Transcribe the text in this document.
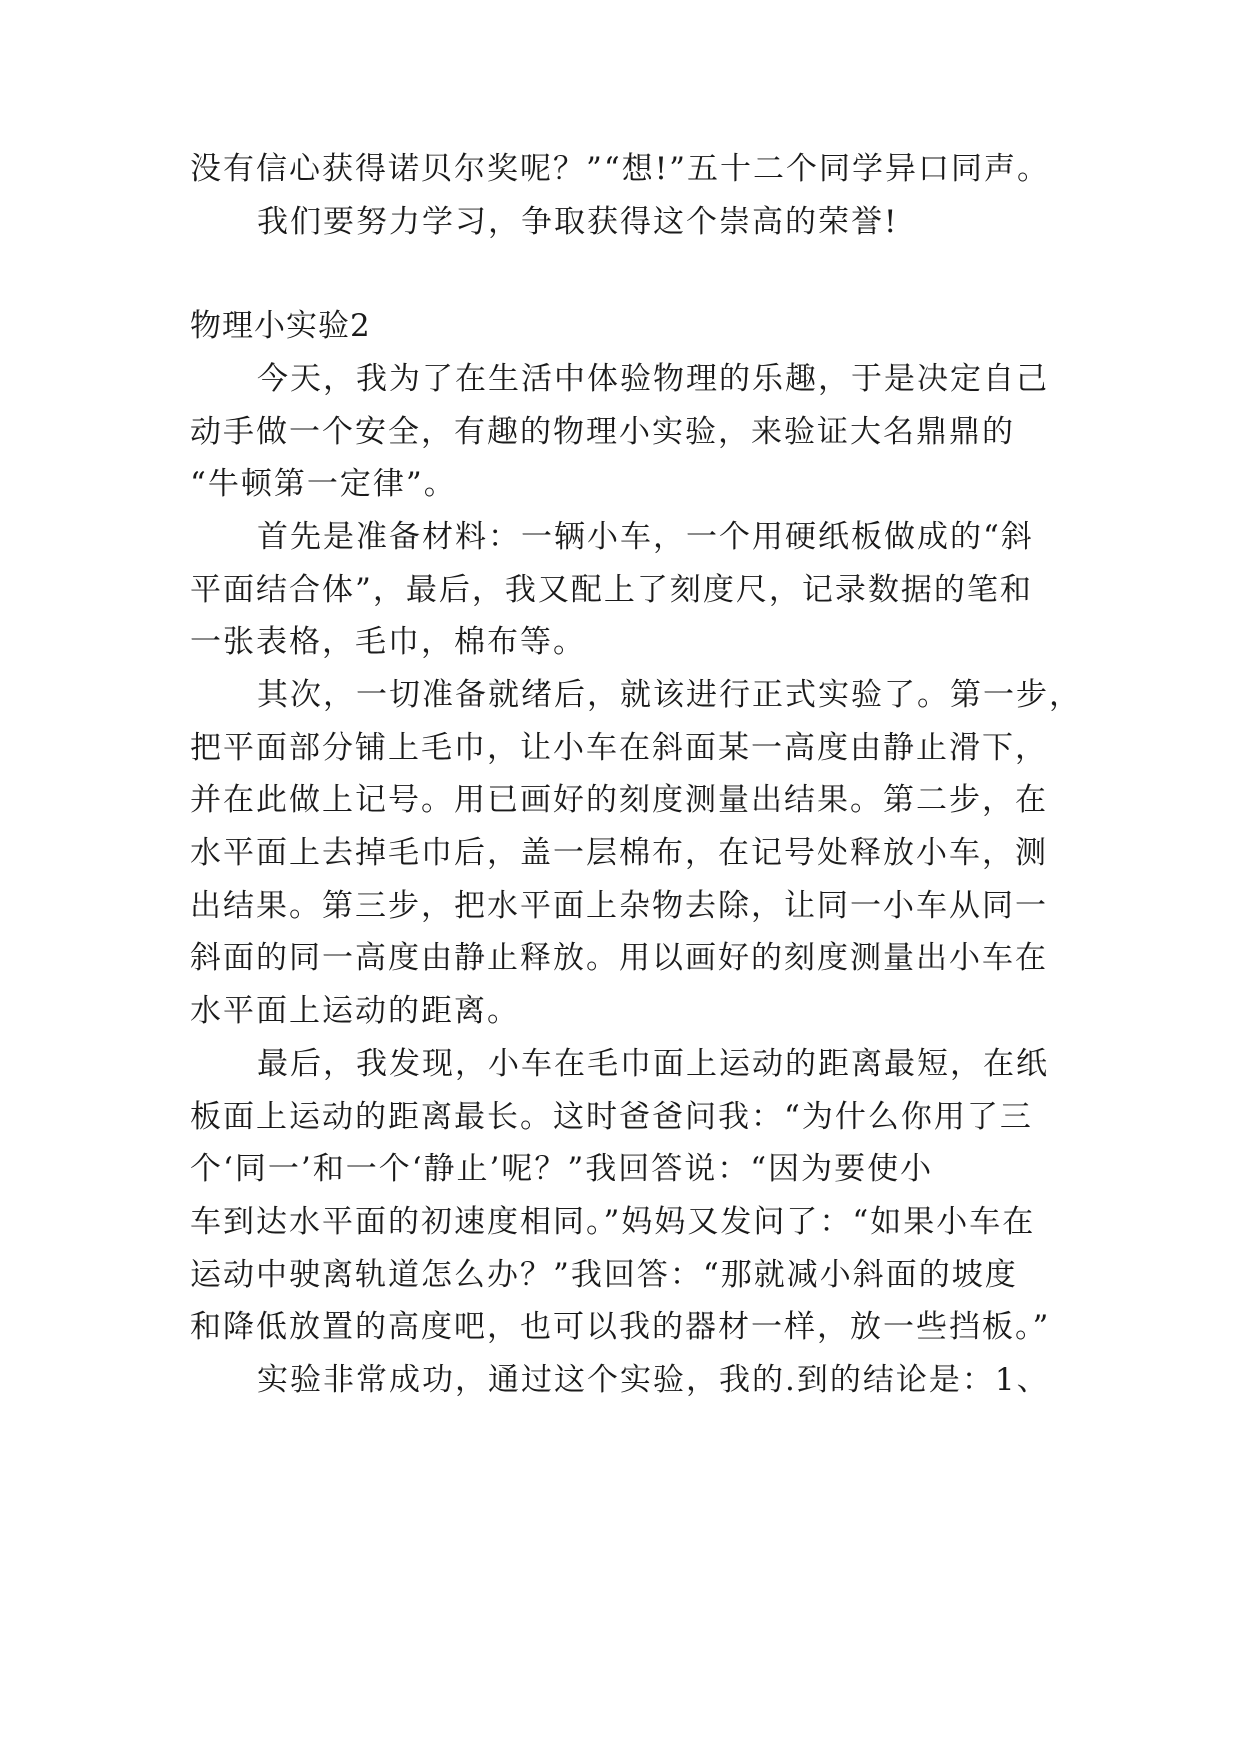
没有信心获得诺贝尔奖呢？”“想!”五十二个同学异口同声。
我们要努力学习，争取获得这个崇高的荣誉!
物理小实验2
今天，我为了在生活中体验物理的乐趣，于是决定自己
动手做一个安全，有趣的物理小实验，来验证大名鼎鼎的
“牛顿第一定律”。
首先是准备材料：一辆小车，一个用硬纸板做成的“斜
平面结合体”，最后，我又配上了刻度尺，记录数据的笔和
一张表格，毛巾，棉布等。
其次，一切准备就绪后，就该进行正式实验了。第一步，
把平面部分铺上毛巾，让小车在斜面某一高度由静止滑下，
并在此做上记号。用已画好的刻度测量出结果。第二步，在
水平面上去掉毛巾后，盖一层棉布，在记号处释放小车，测
出结果。第三步，把水平面上杂物去除，让同一小车从同一
斜面的同一高度由静止释放。用以画好的刻度测量出小车在
水平面上运动的距离。
最后，我发现，小车在毛巾面上运动的距离最短，在纸
板面上运动的距离最长。这时爸爸问我：“为什么你用了三
个‘同一’和一个‘静止’呢？”我回答说：“因为要使小
车到达水平面的初速度相同。”妈妈又发问了：“如果小车在
运动中驶离轨道怎么办？”我回答：“那就减小斜面的坡度
和降低放置的高度吧，也可以我的器材一样，放一些挡板。”
实验非常成功，通过这个实验，我的.到的结论是：1、
